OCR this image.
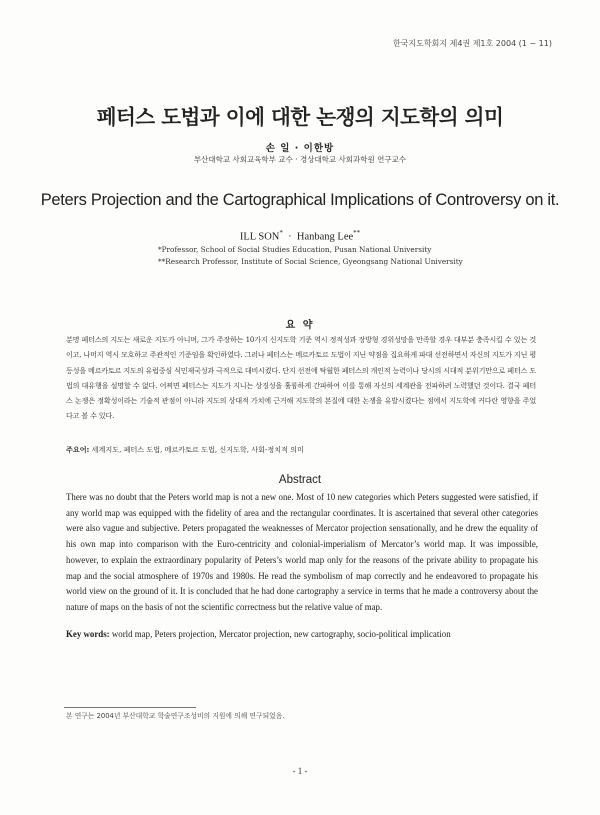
한국지도학회지 제4권 제1호 2004 (1 ~ 11)
페터스 도법과 이에 대한 논쟁의 지도학의 의미
손 일 · 이한방
부산대학교 사회교육학부 교수 · 경상대학교 사회과학원 연구교수
Peters Projection and the Cartographical Implications of Controversy on it.
ILL SON* · Hanbang Lee**
*Professor, School of Social Studies Education, Pusan National University
**Research Professor, Institute of Social Science, Gyeongsang National University
요 약
분명 페터스의 지도는 새로운 지도가 아니며, 그가 주장하는 10가지 신지도학 기준 역시 정적성과 장방형 경위성망을 만족할 경우 대부분 충족시킬 수 있는 것이고, 나머지 역시 모호하고 주관적인 기준임을 확인하였다. 그러나 페터스는 메르카토르 도법이 지닌 약점을 집요하게 파대 선전하면서 자신의 지도가 지닌 평등성을 메르카토르 지도의 유럽중심 식민제국성과 극적으로 대비시켰다. 단지 선전에 탁월한 페터스의 개인적 능력이나 당시의 시대적 분위기만으로 페터스 도법의 대유행을 설명할 수 없다. 어찌면 페터스는 지도가 지니는 상징성을 훌륭하게 간파하여 이를 통해 자신의 세계관을 전파하려 노력했던 것이다. 결국 페터스 논쟁은 정확성이라는 기술적 관점이 아니라 지도의 상대적 가치에 근거해 지도학의 본질에 대한 논쟁을 유발시켰다는 점에서 지도학에 커다란 영향을 주었다고 볼 수 있다.
주요어: 세계지도, 페터스 도법, 메르카토르 도법, 신지도학, 사회-정치적 의미
Abstract
There was no doubt that the Peters world map is not a new one. Most of 10 new categories which Peters suggested were satisfied, if any world map was equipped with the fidelity of area and the rectangular coordinates. It is ascertained that several other categories were also vague and subjective. Peters propagated the weaknesses of Mercator projection sensationally, and he drew the equality of his own map into comparison with the Euro-centricity and colonial-imperialism of Mercator’s world map. It was impossible, however, to explain the extraordinary popularity of Peters’s world map only for the reasons of the private ability to propagate his map and the social atmosphere of 1970s and 1980s. He read the symbolism of map correctly and he endeavored to propagate his world view on the ground of it. It is concluded that he had done cartography a service in terms that he made a controversy about the nature of maps on the basis of not the scientific correctness but the relative value of map.
Key words: world map, Peters projection, Mercator projection, new cartography, socio-political implication
본 연구는 2004년 부산대학교 학술연구조성비의 지원에 의해 연구되었음.
- 1 -
